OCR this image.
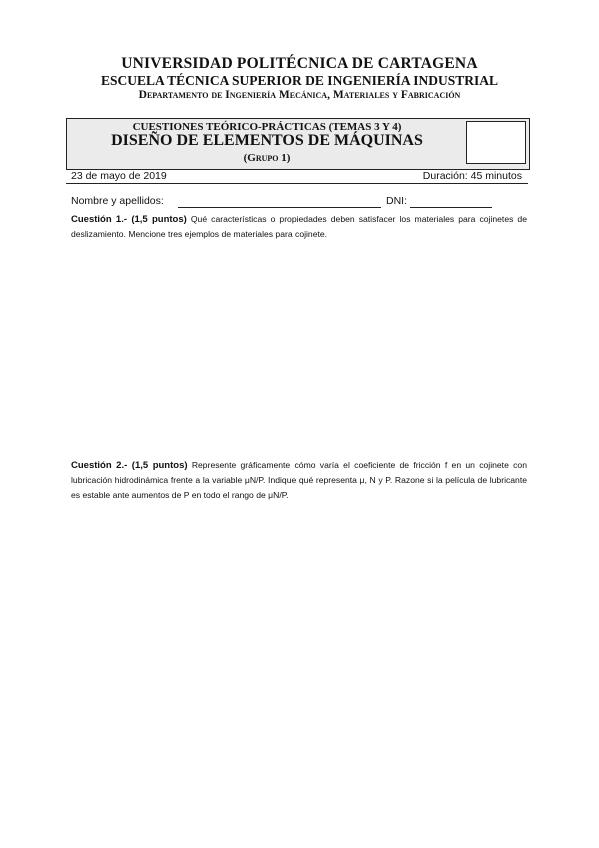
UNIVERSIDAD POLITÉCNICA DE CARTAGENA
ESCUELA TÉCNICA SUPERIOR DE INGENIERÍA INDUSTRIAL
Departamento de Ingeniería Mecánica, Materiales y Fabricación
CUESTIONES TEÓRICO-PRÁCTICAS (TEMAS 3 Y 4)
DISEÑO DE ELEMENTOS DE MÁQUINAS
(Grupo 1)
23 de mayo de 2019	Duración: 45 minutos
Nombre y apellidos:	DNI:
Cuestión 1.- (1,5 puntos) Qué características o propiedades deben satisfacer los materiales para cojinetes de deslizamiento. Mencione tres ejemplos de materiales para cojinete.
Cuestión 2.- (1,5 puntos) Represente gráficamente cómo varía el coeficiente de fricción f en un cojinete con lubricación hidrodinámica frente a la variable μN/P. Indique qué representa μ, N y P. Razone si la película de lubricante es estable ante aumentos de P en todo el rango de μN/P.
